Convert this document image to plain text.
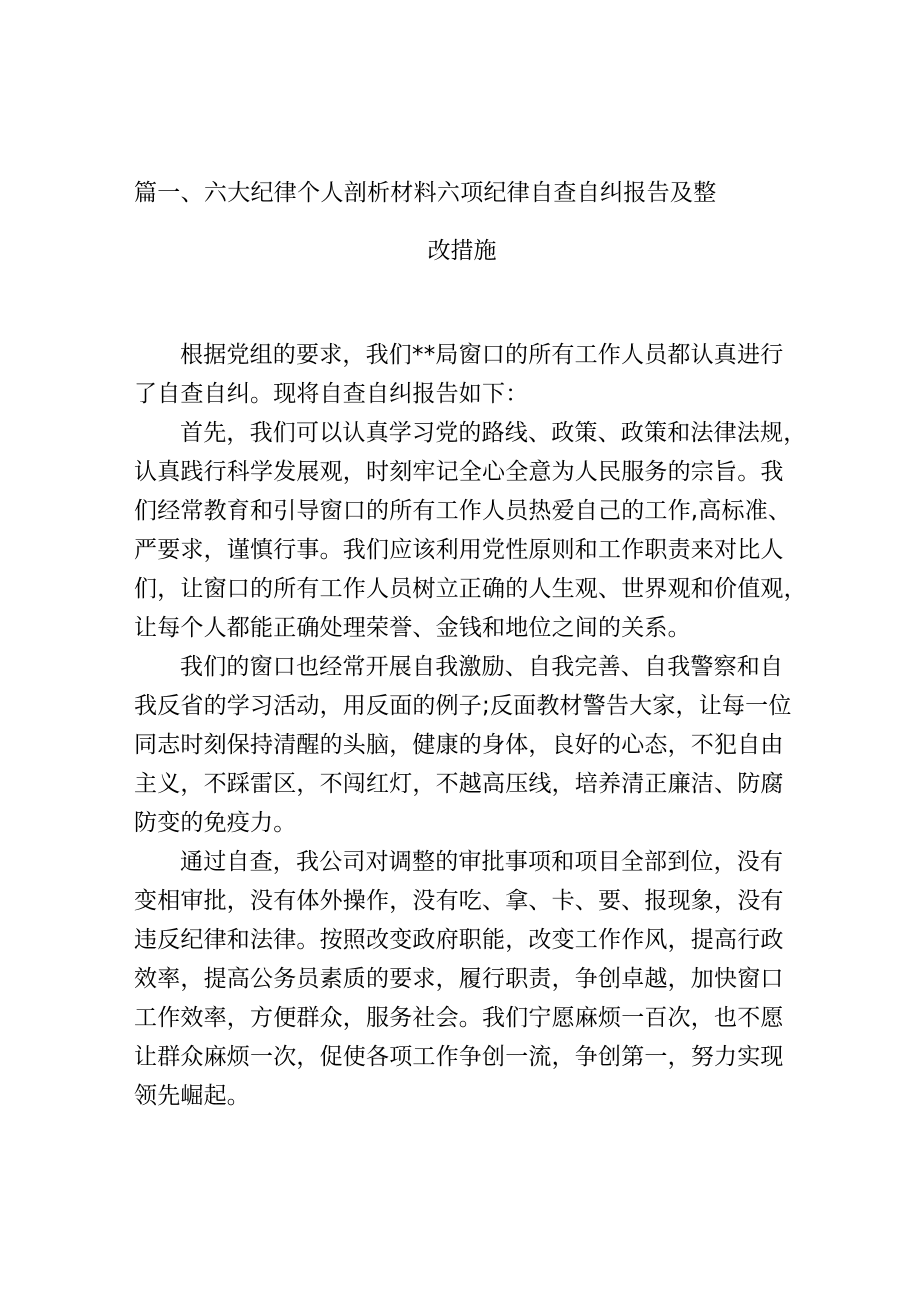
篇一、六大纪律个人剖析材料六项纪律自查自纠报告及整
改措施

根据党组的要求，我们**局窗口的所有工作人员都认真进行
了自查自纠。现将自查自纠报告如下：

首先，我们可以认真学习党的路线、政策、政策和法律法规，
认真践行科学发展观，时刻牢记全心全意为人民服务的宗旨。我
们经常教育和引导窗口的所有工作人员热爱自己的工作,高标准、
严要求，谨慎行事。我们应该利用党性原则和工作职责来对比人
们，让窗口的所有工作人员树立正确的人生观、世界观和价值观，
让每个人都能正确处理荣誉、金钱和地位之间的关系。

我们的窗口也经常开展自我激励、自我完善、自我警察和自
我反省的学习活动，用反面的例子;反面教材警告大家，让每一位
同志时刻保持清醒的头脑，健康的身体，良好的心态，不犯自由
主义，不踩雷区，不闯红灯，不越高压线，培养清正廉洁、防腐
防变的免疫力。

通过自查，我公司对调整的审批事项和项目全部到位，没有
变相审批，没有体外操作，没有吃、拿、卡、要、报现象，没有
违反纪律和法律。按照改变政府职能，改变工作作风，提高行政
效率，提高公务员素质的要求，履行职责，争创卓越，加快窗口
工作效率，方便群众，服务社会。我们宁愿麻烦一百次，也不愿
让群众麻烦一次，促使各项工作争创一流，争创第一，努力实现
领先崛起。
